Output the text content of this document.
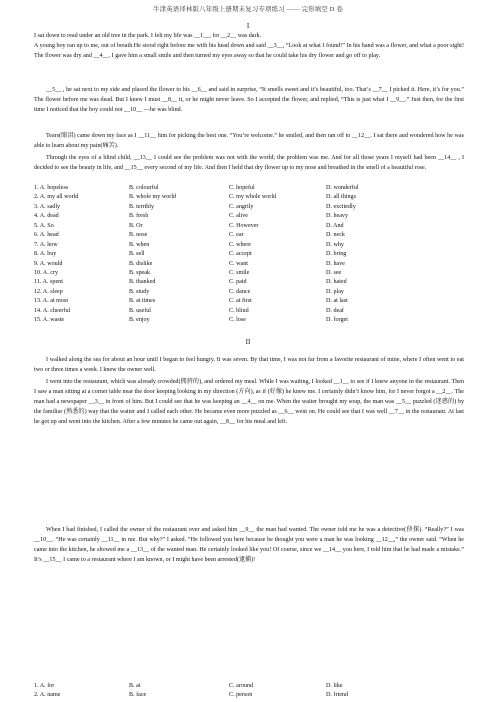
牛津英语译林版八年级上册期末复习专项练习 —— 完形填空 D 卷
I

I sat down to read under an old tree in the park. I felt my life was __1__, for __2__ was dark.

A young boy ran up to me, out of breath.He stood right before me with his head down and said __3__, “Look at what I found!” In his hand was a flower, and what a poor sight! The flower was dry and __4__. I gave him a small smile and then turned my eyes away so that he could take his dry flower and go off to play.

__5__ , he sat next to my side and placed the flower to his __6__ and said in surprise, “It smells sweet and it’s beautiful, too. That’s __7__ I picked it. Here, it’s for you.” The flower before me was dead. But I knew I must __8__ it, or he might never leave. So I accepted the flower, and replied, “This is just what I __9__.” Just then, for the first time I noticed that the boy could not __10__ —he was blind.

Tears(眼泪) came down my face as I __11__ him for picking the best one. “You’re welcome.” he smiled, and then ran off to __12__. I sat there and wondered how he was able to learn about my pain(痛苦).

Through the eyes of a blind child, __13__ I could see the problem was not with the world; the problem was me. And for all those years I myself had been __14__ , I decided to see the beauty in life, and __15__ every second of my life. And then I held that dry flower up to my nose and breathed in the smell of a beautiful rose.

1. A. hopeless	B. colourful	C. hopeful	D. wonderful
2. A. my all world	B. whole my world	C. my whole world	D. all things
3. A. sadly	B. terribly	C. angrily	D. excitedly
4. A. dead	B. fresh	C. alive	D. heavy
5. A. So	B. Or	C. However	D. And
6. A. head	B. nose	C. ear	D. neck
7. A. how	B. when	C. where	D. why
8. A. buy	B. sell	C. accept	D. bring
9. A. would	B. dislike	C. want	D. have
10. A. cry	B. speak	C. smile	D. see
11. A. spent	B. thanked	C. paid	D. hated
12. A. sleep	B. study	C. dance	D. play
13. A. at most	B. at times	C. at first	D. at last
14. A. cheerful	B. useful	C. blind	D. deaf
15. A. waste	B. enjoy	C. lose	D. forget
II

I walked along the sea for about an hour until I began to feel hungry. It was seven. By that time, I was not far from a favorite restaurant of mine, where I often went to eat two or three times a week. I knew the owner well.

I went into the restaurant, which was already crowded(拥挤的), and ordered my meal. While I was waiting, I looked __1__ to see if I knew anyone in the restaurant. Then I saw a man sitting at a corner table near the door keeping looking in my direction (方向), as if (好像) he knew me. I certainly didn’t know him, for I never forgot a __2__. The man had a newspaper __3__ in front of him. But I could see that he was keeping an __4__ on me. When the waiter brought my soup, the man was __5__ puzzled (迷惑的) by the familiar (熟悉的) way that the waiter and I called each other. He became even more puzzled as __6__ went on. He could see that I was well __7__ in the restaurant. At last he got up and went into the kitchen. After a few minutes he came out again, __8__ for his meal and left.

When I had finished, I called the owner of the restaurant over and asked him __9__ the man had wanted. The owner told me he was a detective(侦探). “Really?” I was __10__. “He was certainly __11__ in me. But why?” I asked. “He followed you here because he thought you were a man he was looking __12__,” the owner said. “When he came into the kitchen, he showed me a __13__ of the wanted man. He certainly looked like you! Of course, since we __14__ you here, I told him that he had made a mistake.” It’s __15__ I came to a restaurant where I am known, or I might have been arrested(逮捕)!

1. A. for	B. at	C. around	D. like
2. A. name	B. face	C. person	D. friend
